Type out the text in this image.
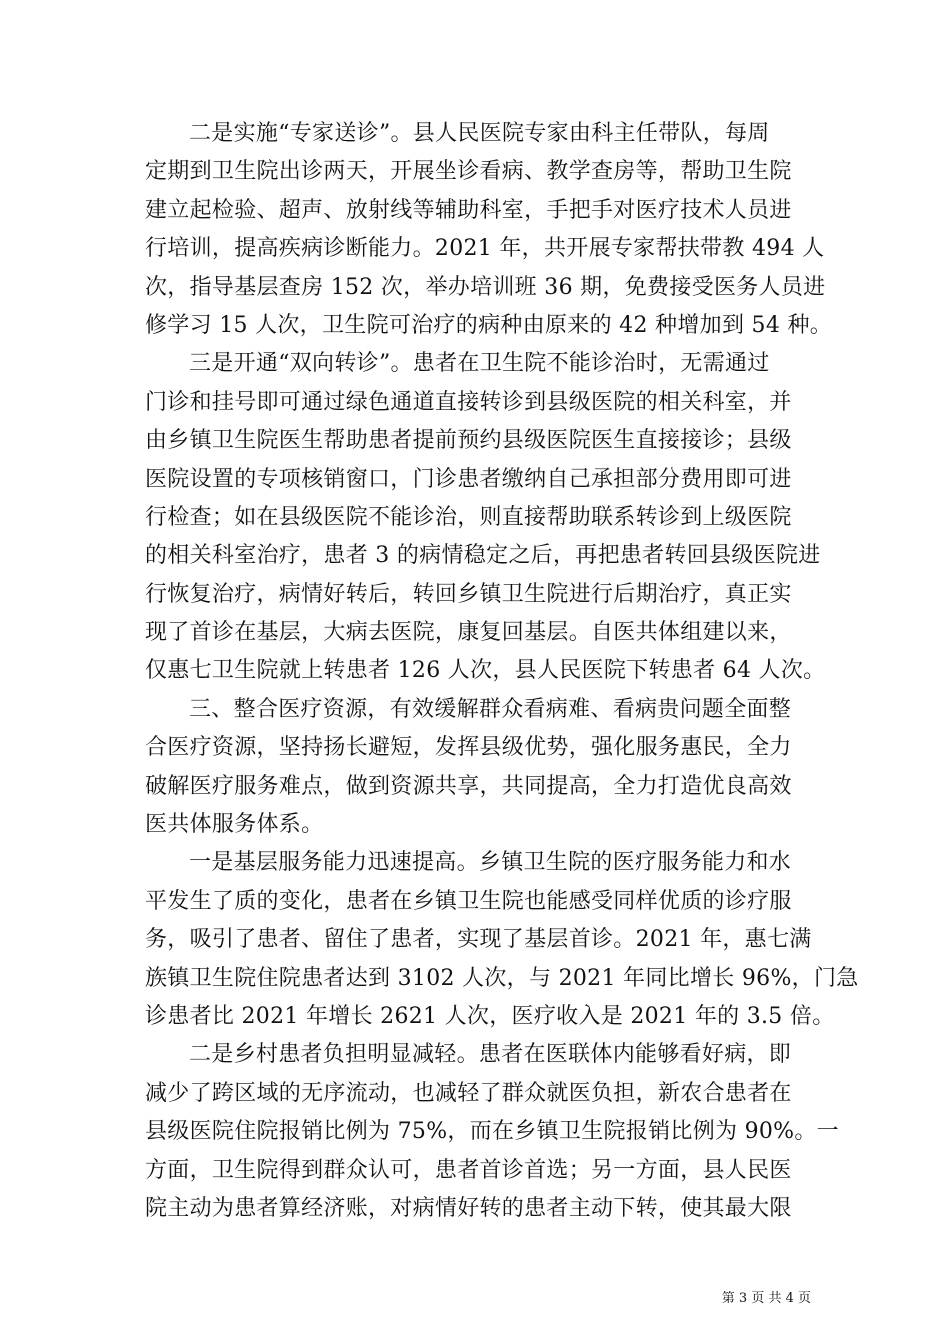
二是实施“专家送诊”。县人民医院专家由科主任带队，每周
定期到卫生院出诊两天，开展坐诊看病、教学查房等，帮助卫生院
建立起检验、超声、放射线等辅助科室，手把手对医疗技术人员进
行培训，提高疾病诊断能力。2021 年，共开展专家帮扶带教 494 人
次，指导基层查房 152 次，举办培训班 36 期，免费接受医务人员进
修学习 15 人次，卫生院可治疗的病种由原来的 42 种增加到 54 种。
三是开通“双向转诊”。患者在卫生院不能诊治时，无需通过
门诊和挂号即可通过绿色通道直接转诊到县级医院的相关科室，并
由乡镇卫生院医生帮助患者提前预约县级医院医生直接接诊；县级
医院设置的专项核销窗口，门诊患者缴纳自己承担部分费用即可进
行检查；如在县级医院不能诊治，则直接帮助联系转诊到上级医院
的相关科室治疗，患者 3 的病情稳定之后，再把患者转回县级医院进
行恢复治疗，病情好转后，转回乡镇卫生院进行后期治疗，真正实
现了首诊在基层，大病去医院，康复回基层。自医共体组建以来，
仅惠七卫生院就上转患者 126 人次，县人民医院下转患者 64 人次。
三、整合医疗资源，有效缓解群众看病难、看病贵问题全面整
合医疗资源，坚持扬长避短，发挥县级优势，强化服务惠民，全力
破解医疗服务难点，做到资源共享，共同提高，全力打造优良高效
医共体服务体系。
一是基层服务能力迅速提高。乡镇卫生院的医疗服务能力和水
平发生了质的变化，患者在乡镇卫生院也能感受同样优质的诊疗服
务，吸引了患者、留住了患者，实现了基层首诊。2021 年，惠七满
族镇卫生院住院患者达到 3102 人次，与 2021 年同比增长 96%，门急
诊患者比 2021 年增长 2621 人次，医疗收入是 2021 年的 3.5 倍。
二是乡村患者负担明显减轻。患者在医联体内能够看好病，即
减少了跨区域的无序流动，也减轻了群众就医负担，新农合患者在
县级医院住院报销比例为 75%，而在乡镇卫生院报销比例为 90%。一
方面，卫生院得到群众认可，患者首诊首选；另一方面，县人民医
院主动为患者算经济账，对病情好转的患者主动下转，使其最大限
第 3 页 共 4 页
